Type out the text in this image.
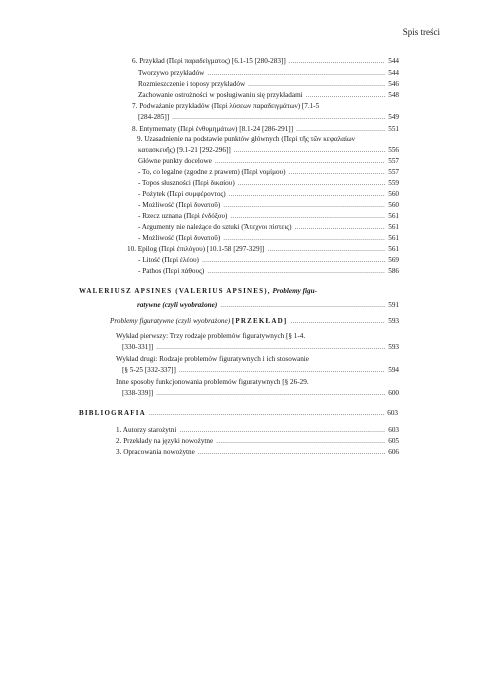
Spis treści
6. Przykład (Περὶ παραδείγματος) [6.1-15 [280-283]] .....	544
Tworzywo przykładów .....	544
Rozmieszczenie i toposy przykładów .....	546
Zachowanie ostrożności w posługiwaniu się przykładami .....	548
7. Podważanie przykładów (Περὶ λύσεων παραδειγμάτων) [7.1-5
[284-285]] .....	549
8. Entymematy (Περὶ ἐνθυμημάτων) [8.1-24 [286-291]] .....	551
9. Uzasadnienie na podstawie punktów głównych (Περὶ τῆς τῶν κεφαλαίων
κατασκευῆς) [9.1-21 [292-296]] .....	556
Główne punkty docelowe .....	557
- To, co legalne (zgodne z prawem) (Περὶ νομίμου) .....	557
- Topos słuszności (Περὶ δικαίου) .....	559
- Pożytek (Περὶ συμφέροντος) .....	560
- Możliwość (Περὶ δυνατοῦ) .....	560
- Rzecz uznana (Περὶ ἐνδόξου) .....	561
- Argumenty nie należące do sztuki (Ἄτεχνοι πίστεις) .....	561
- Możliwość (Περὶ δυνατοῦ) .....	561
10. Epilog (Περὶ ἐπιλόγου) [10.1-58 [297-329]] .....	561
- Litość (Περὶ ἐλέου) .....	569
- Pathos (Περὶ πάθους) .....	586
WALERIUSZ APSINES (VALERIUS APSINES), Problemy figu-
ratywne (czyli wyobrażone) .....	591
Problemy figuratywne (czyli wyobrażone) [PRZEKŁAD] .....	593
Wykład pierwszy: Trzy rodzaje problemów figuratywnych [§ 1-4.
[330-331]] .....	593
Wykład drugi: Rodzaje problemów figuratywnych i ich stosowanie
[§ 5-25 [332-337]] .....	594
Inne sposoby funkcjonowania problemów figuratywnych [§ 26-29.
[338-339]] .....	600
BIBLIOGRAFIA .....	603
1. Autorzy starożytni .....	603
2. Przekłady na języki nowożytne .....	605
3. Opracowania nowożytne .....	606
